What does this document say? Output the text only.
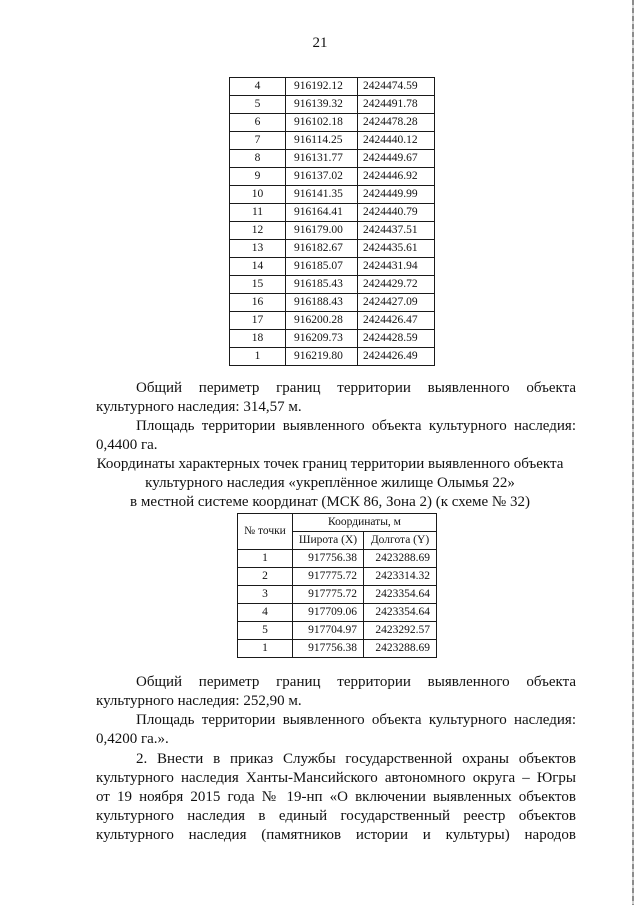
21
4	916192.12	2424474.59
5	916139.32	2424491.78
6	916102.18	2424478.28
7	916114.25	2424440.12
8	916131.77	2424449.67
9	916137.02	2424446.92
10	916141.35	2424449.99
11	916164.41	2424440.79
12	916179.00	2424437.51
13	916182.67	2424435.61
14	916185.07	2424431.94
15	916185.43	2424429.72
16	916188.43	2424427.09
17	916200.28	2424426.47
18	916209.73	2424428.59
1	916219.80	2424426.49

Общий периметр границ территории выявленного объекта

культурного наследия: 314,57 м.

Площадь территории выявленного объекта культурного наследия:

0,4400 га.

Координаты характерных точек границ территории выявленного объекта
культурного наследия «укреплённое жилище Олымья 22»
в местной системе координат (МСК 86, Зона 2) (к схеме № 32)
№ точки	Координаты, м	
	Широта (X)	Долгота (Y)
1	917756.38	2423288.69
2	917775.72	2423314.32
3	917775.72	2423354.64
4	917709.06	2423354.64
5	917704.97	2423292.57
1	917756.38	2423288.69

Общий периметр границ территории выявленного объекта

культурного наследия: 252,90 м.

Площадь территории выявленного объекта культурного наследия:

0,4200 га.».

2. Внести в приказ Службы государственной охраны объектов
культурного наследия Ханты-Мансийского автономного округа – Югры
от 19 ноября 2015 года № 19-нп «О включении выявленных объектов
культурного наследия в единый государственный реестр объектов
культурного наследия (памятников истории и культуры) народов
